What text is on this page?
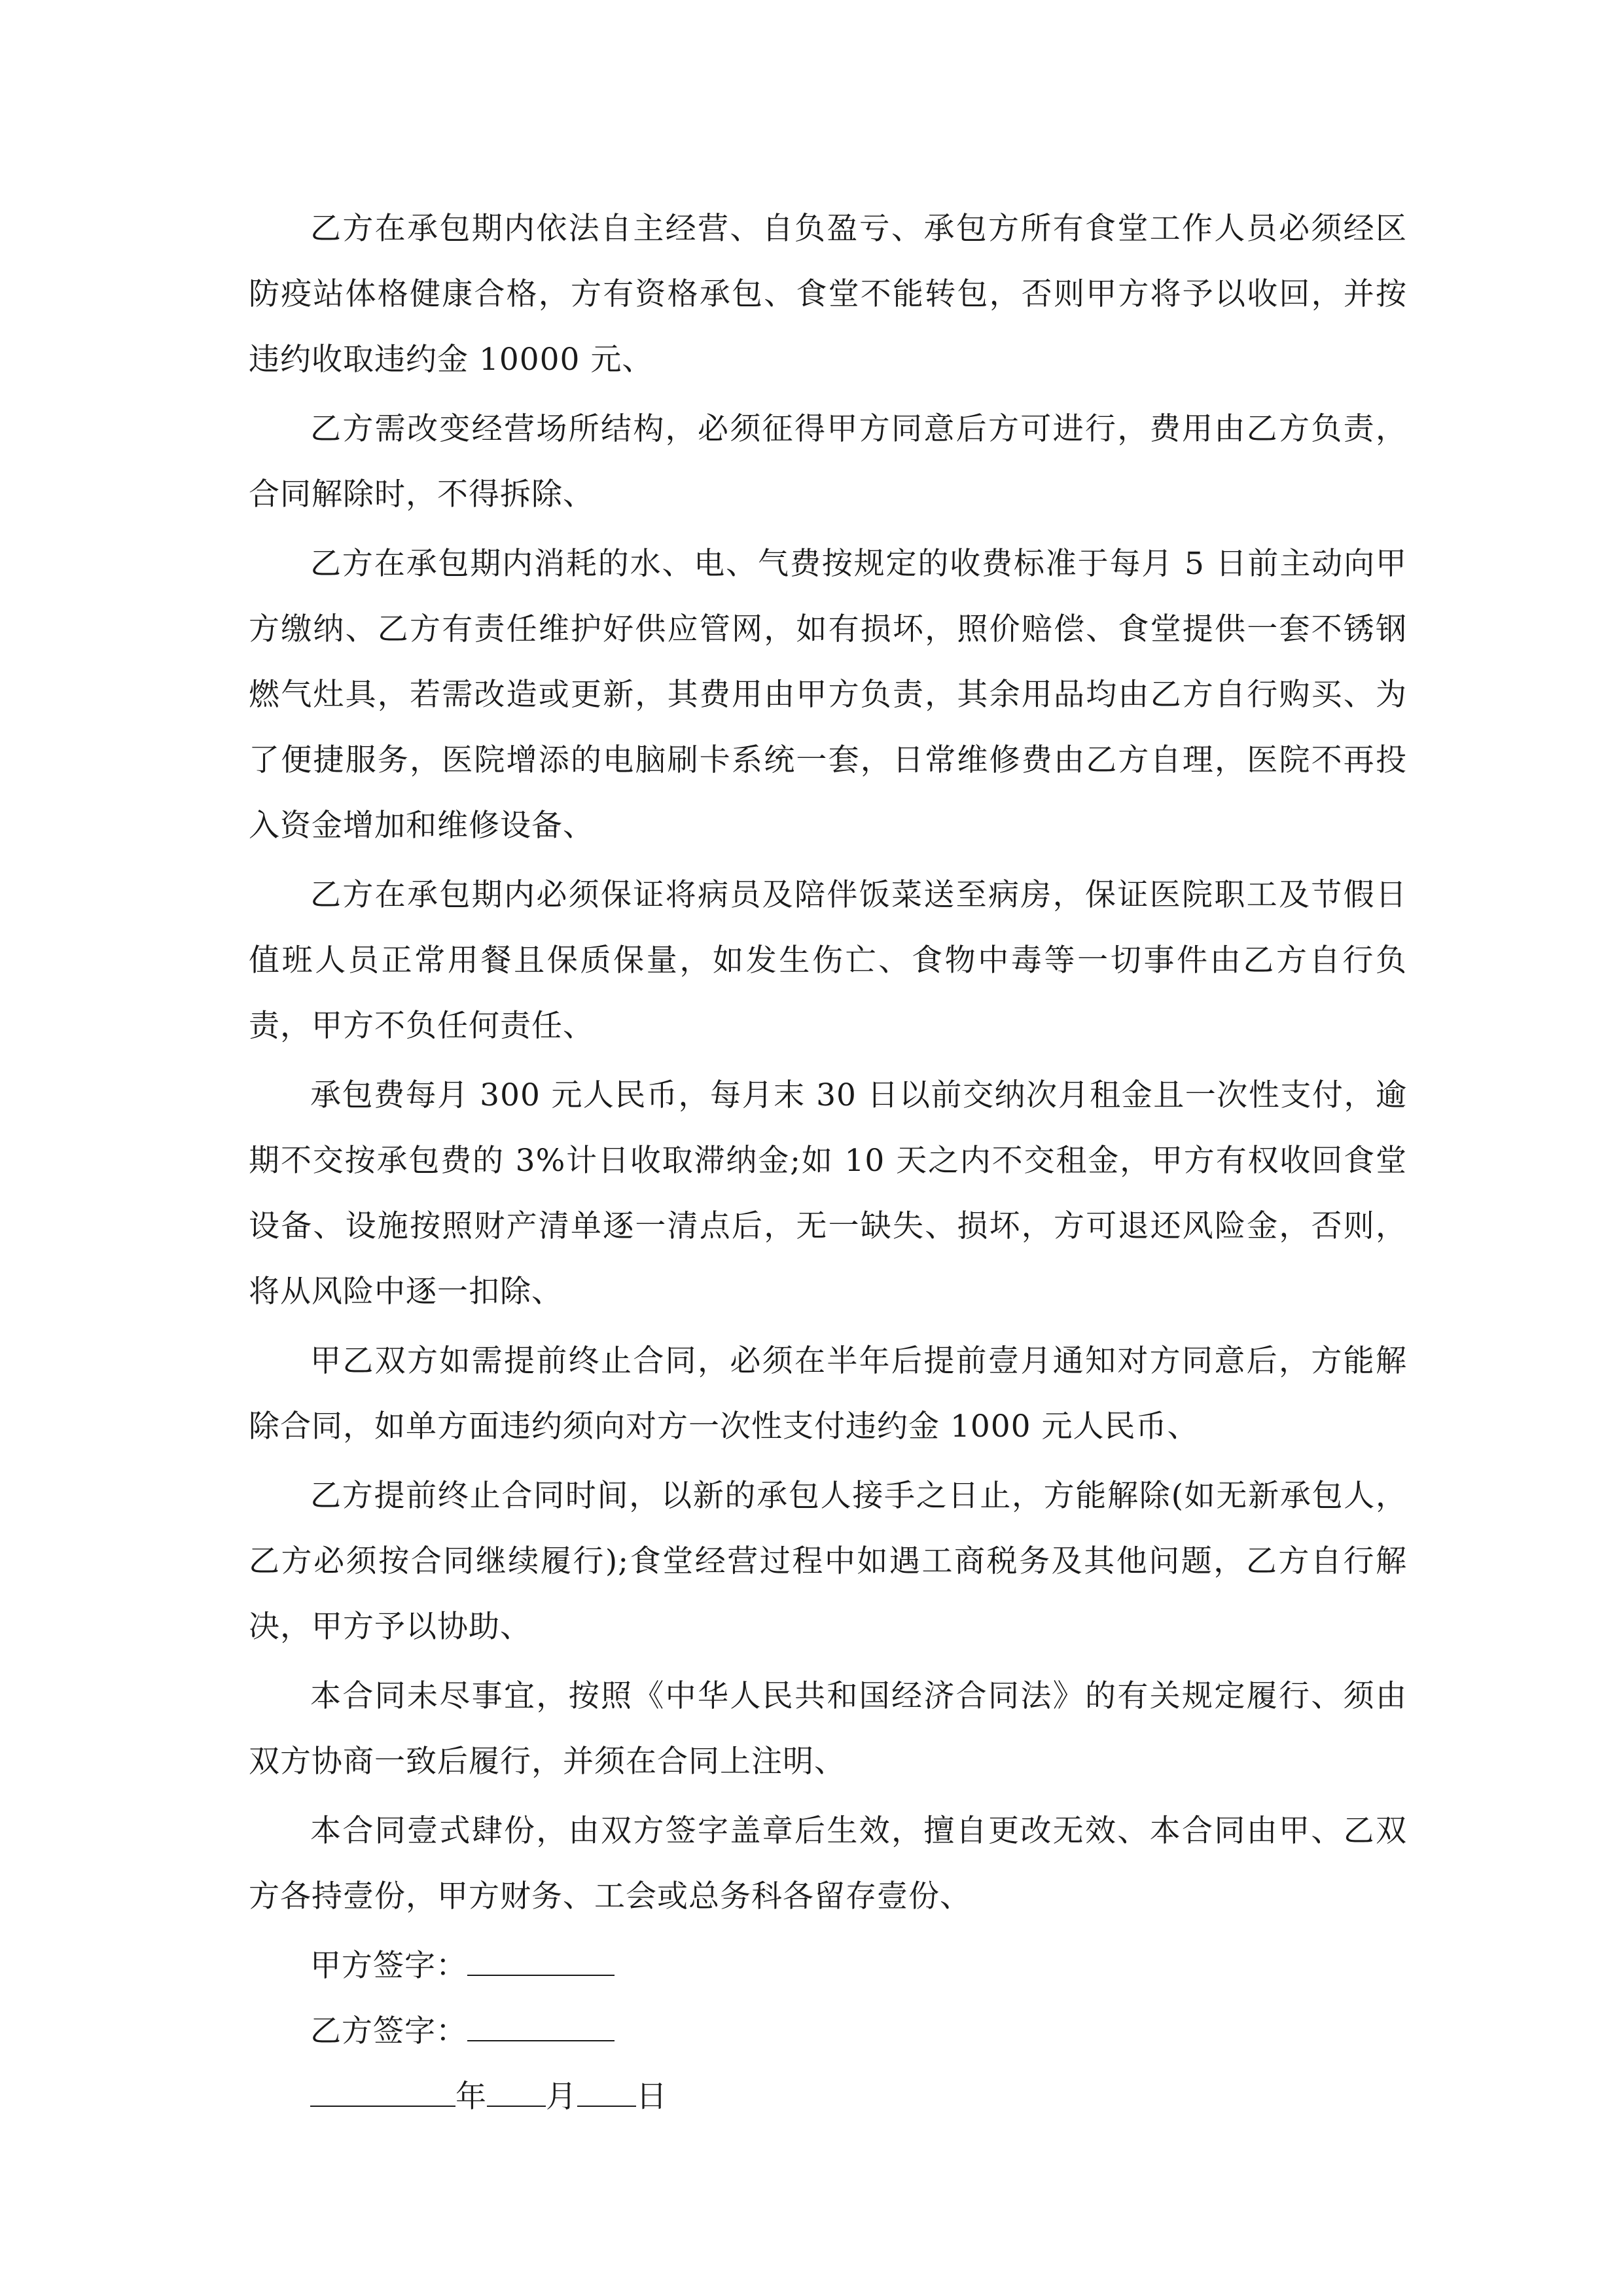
乙方在承包期内依法自主经营、自负盈亏、承包方所有食堂工作人员必须经区防疫站体格健康合格，方有资格承包、食堂不能转包，否则甲方将予以收回，并按违约收取违约金 10000 元、

乙方需改变经营场所结构，必须征得甲方同意后方可进行，费用由乙方负责，合同解除时，不得拆除、

乙方在承包期内消耗的水、电、气费按规定的收费标准于每月 5 日前主动向甲方缴纳、乙方有责任维护好供应管网，如有损坏，照价赔偿、食堂提供一套不锈钢燃气灶具，若需改造或更新，其费用由甲方负责，其余用品均由乙方自行购买、为了便捷服务，医院增添的电脑刷卡系统一套，日常维修费由乙方自理，医院不再投入资金增加和维修设备、

乙方在承包期内必须保证将病员及陪伴饭菜送至病房，保证医院职工及节假日值班人员正常用餐且保质保量，如发生伤亡、食物中毒等一切事件由乙方自行负责，甲方不负任何责任、

承包费每月 300 元人民币，每月末 30 日以前交纳次月租金且一次性支付，逾期不交按承包费的 3%计日收取滞纳金;如 10 天之内不交租金，甲方有权收回食堂设备、设施按照财产清单逐一清点后，无一缺失、损坏，方可退还风险金，否则，将从风险中逐一扣除、

甲乙双方如需提前终止合同，必须在半年后提前壹月通知对方同意后，方能解除合同，如单方面违约须向对方一次性支付违约金 1000 元人民币、

乙方提前终止合同时间，以新的承包人接手之日止，方能解除(如无新承包人，乙方必须按合同继续履行);食堂经营过程中如遇工商税务及其他问题，乙方自行解决，甲方予以协助、

本合同未尽事宜，按照《中华人民共和国经济合同法》的有关规定履行、须由双方协商一致后履行，并须在合同上注明、

本合同壹式肆份，由双方签字盖章后生效，擅自更改无效、本合同由甲、乙双方各持壹份，甲方财务、工会或总务科各留存壹份、

甲方签字：
乙方签字：
年 月 日
